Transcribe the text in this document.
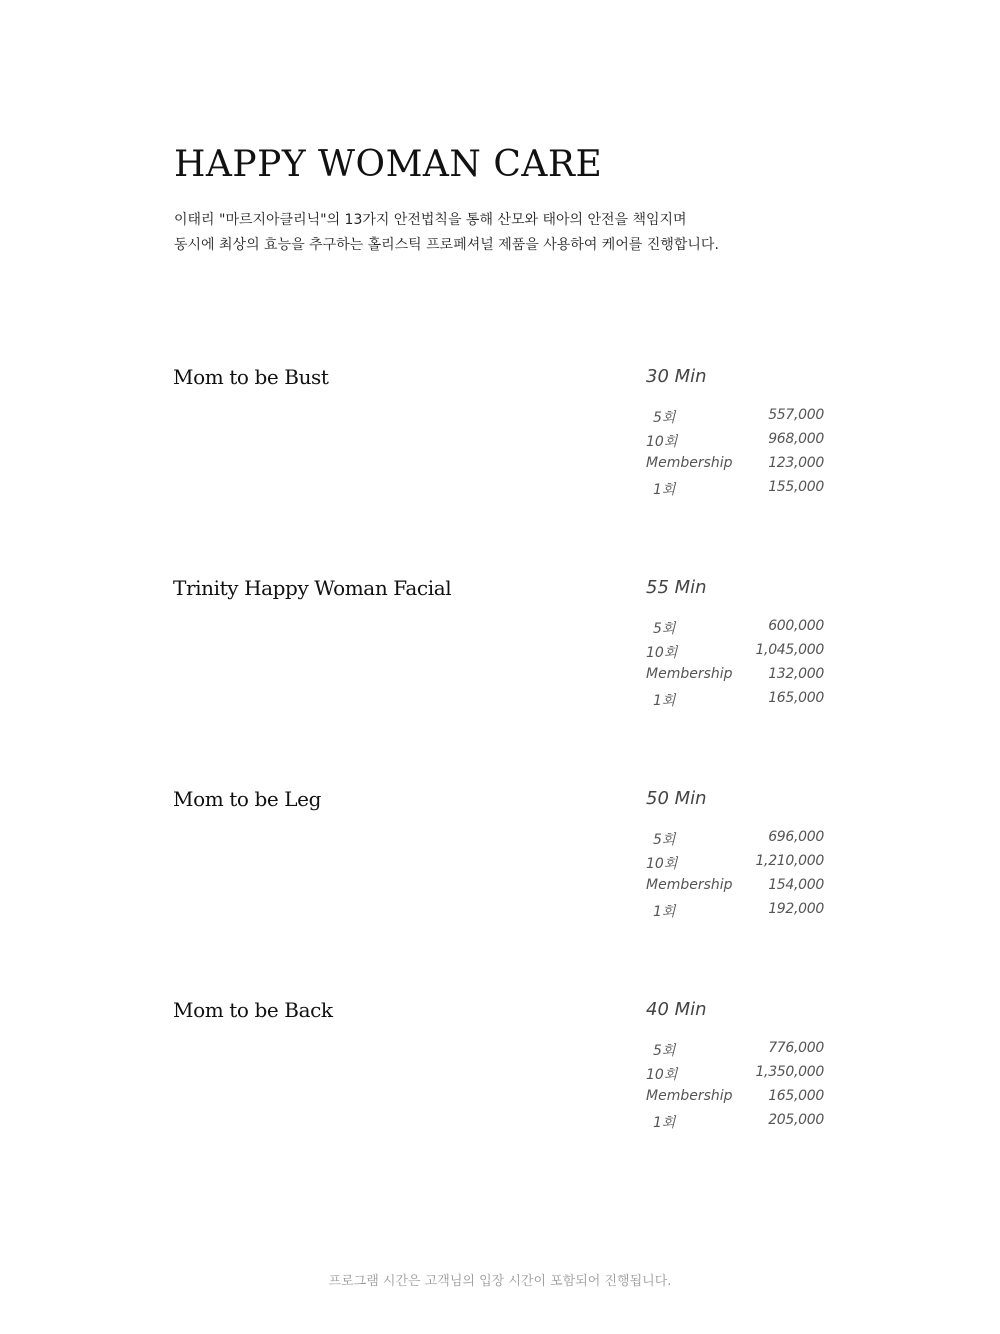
HAPPY WOMAN CARE
이태리 "마르지아클리닉"의 13가지 안전법칙을 통해 산모와 태아의 안전을 책임지며
동시에 최상의 효능을 추구하는 홀리스틱 프로페셔널 제품을 사용하여 케어를 진행합니다.
Mom to be Bust	30 Min
5회	557,000
10회	968,000
Membership	123,000
1회	155,000
Trinity Happy Woman Facial	55 Min
5회	600,000
10회	1,045,000
Membership	132,000
1회	165,000
Mom to be Leg	50 Min
5회	696,000
10회	1,210,000
Membership	154,000
1회	192,000
Mom to be Back	40 Min
5회	776,000
10회	1,350,000
Membership	165,000
1회	205,000
프로그램 시간은 고객님의 입장 시간이 포함되어 진행됩니다.
